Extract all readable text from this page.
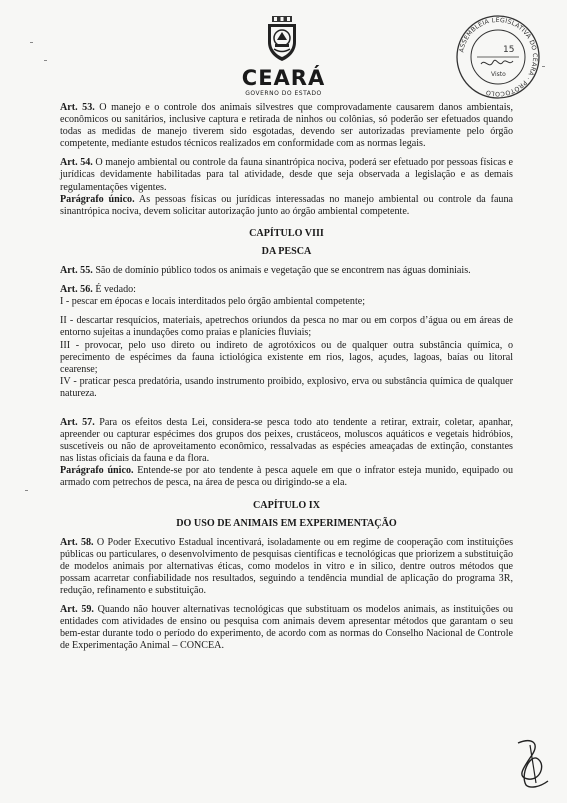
CEARÁ
GOVERNO DO ESTADO
ASSEMBLEIA LEGISLATIVA DO CEARÁ · PROTOCOLO
15
Visto

Art. 53. O manejo e o controle dos animais silvestres que comprovadamente causarem danos ambientais, econômicos ou sanitários, inclusive captura e retirada de ninhos ou colônias, só poderão ser efetuados quando todas as medidas de manejo tiverem sido esgotadas, devendo ser autorizadas previamente pelo órgão competente, mediante estudos técnicos realizados em conformidade com as normas legais.

Art. 54. O manejo ambiental ou controle da fauna sinantrópica nociva, poderá ser efetuado por pessoas físicas e jurídicas devidamente habilitadas para tal atividade, desde que seja observada a legislação e as demais regulamentações vigentes.

Parágrafo único. As pessoas físicas ou jurídicas interessadas no manejo ambiental ou controle da fauna sinantrópica nociva, devem solicitar autorização junto ao órgão ambiental competente.

CAPÍTULO VIII

DA PESCA

Art. 55. São de domínio público todos os animais e vegetação que se encontrem nas águas dominiais.

Art. 56. É vedado:

I - pescar em épocas e locais interditados pelo órgão ambiental competente;

II - descartar resquícios, materiais, apetrechos oriundos da pesca no mar ou em corpos d’água ou em áreas de entorno sujeitas a inundações como praias e planícies fluviais;

III - provocar, pelo uso direto ou indireto de agrotóxicos ou de qualquer outra substância química, o perecimento de espécimes da fauna ictiológica existente em rios, lagos, açudes, lagoas, baías ou litoral cearense;

IV - praticar pesca predatória, usando instrumento proibido, explosivo, erva ou substância química de qualquer natureza.

Art. 57. Para os efeitos desta Lei, considera-se pesca todo ato tendente a retirar, extrair, coletar, apanhar, apreender ou capturar espécimes dos grupos dos peixes, crustáceos, moluscos aquáticos e vegetais hidróbios, suscetíveis ou não de aproveitamento econômico, ressalvadas as espécies ameaçadas de extinção, constantes nas listas oficiais da fauna e da flora.

Parágrafo único. Entende-se por ato tendente à pesca aquele em que o infrator esteja munido, equipado ou armado com petrechos de pesca, na área de pesca ou dirigindo-se a ela.

CAPÍTULO IX

DO USO DE ANIMAIS EM EXPERIMENTAÇÃO

Art. 58. O Poder Executivo Estadual incentivará, isoladamente ou em regime de cooperação com instituições públicas ou particulares, o desenvolvimento de pesquisas científicas e tecnológicas que priorizem a substituição de modelos animais por alternativas éticas, como modelos in vitro e in silico, dentre outros métodos que possam acarretar confiabilidade nos resultados, seguindo a tendência mundial de aplicação do programa 3R, redução, refinamento e substituição.

Art. 59. Quando não houver alternativas tecnológicas que substituam os modelos animais, as instituições ou entidades com atividades de ensino ou pesquisa com animais devem apresentar métodos que garantam o seu bem-estar durante todo o período do experimento, de acordo com as normas do Conselho Nacional de Controle de Experimentação Animal – CONCEA.
